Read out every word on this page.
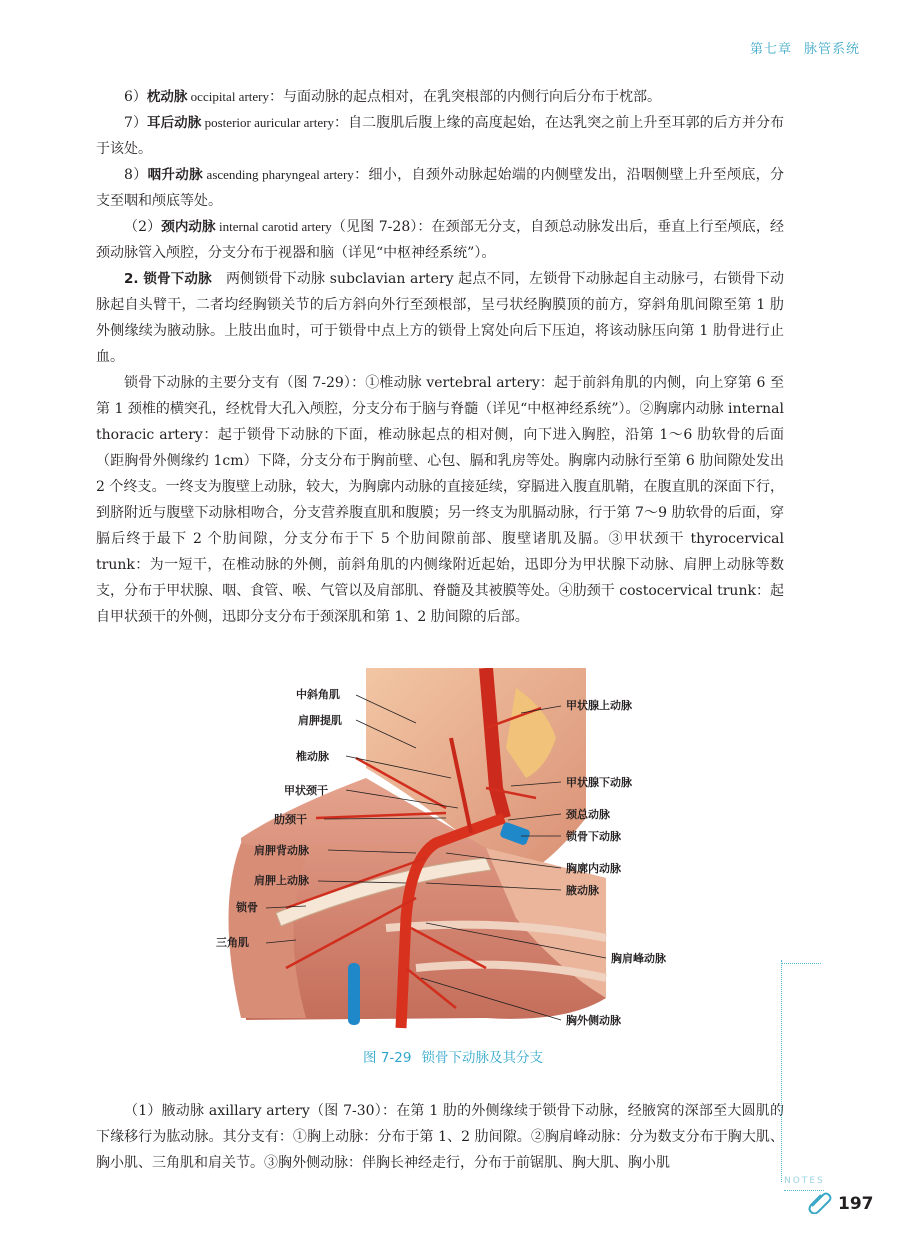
第七章 脉管系统

6）枕动脉 occipital artery：与面动脉的起点相对，在乳突根部的内侧行向后分布于枕部。

7）耳后动脉 posterior auricular artery：自二腹肌后腹上缘的高度起始，在达乳突之前上升至耳郭的后方并分布于该处。

8）咽升动脉 ascending pharyngeal artery：细小，自颈外动脉起始端的内侧壁发出，沿咽侧壁上升至颅底，分支至咽和颅底等处。

（2）颈内动脉 internal carotid artery（见图 7-28）：在颈部无分支，自颈总动脉发出后，垂直上行至颅底，经颈动脉管入颅腔，分支分布于视器和脑（详见“中枢神经系统”）。

2. 锁骨下动脉　两侧锁骨下动脉 subclavian artery 起点不同，左锁骨下动脉起自主动脉弓，右锁骨下动脉起自头臂干，二者均经胸锁关节的后方斜向外行至颈根部，呈弓状经胸膜顶的前方，穿斜角肌间隙至第 1 肋外侧缘续为腋动脉。上肢出血时，可于锁骨中点上方的锁骨上窝处向后下压迫，将该动脉压向第 1 肋骨进行止血。

锁骨下动脉的主要分支有（图 7-29）：①椎动脉 vertebral artery：起于前斜角肌的内侧，向上穿第 6 至第 1 颈椎的横突孔，经枕骨大孔入颅腔，分支分布于脑与脊髓（详见“中枢神经系统”）。②胸廓内动脉 internal thoracic artery：起于锁骨下动脉的下面，椎动脉起点的相对侧，向下进入胸腔，沿第 1～6 肋软骨的后面（距胸骨外侧缘约 1cm）下降，分支分布于胸前壁、心包、膈和乳房等处。胸廓内动脉行至第 6 肋间隙处发出 2 个终支。一终支为腹壁上动脉，较大，为胸廓内动脉的直接延续，穿膈进入腹直肌鞘，在腹直肌的深面下行，到脐附近与腹壁下动脉相吻合，分支营养腹直肌和腹膜；另一终支为肌膈动脉，行于第 7～9 肋软骨的后面，穿膈后终于最下 2 个肋间隙，分支分布于下 5 个肋间隙前部、腹壁诸肌及膈。③甲状颈干 thyrocervical trunk：为一短干，在椎动脉的外侧，前斜角肌的内侧缘附近起始，迅即分为甲状腺下动脉、肩胛上动脉等数支，分布于甲状腺、咽、食管、喉、气管以及肩部肌、脊髓及其被膜等处。④肋颈干 costocervical trunk：起自甲状颈干的外侧，迅即分支分布于颈深肌和第 1、2 肋间隙的后部。

中斜角肌
肩胛提肌
椎动脉
甲状颈干
肋颈干
肩胛背动脉
肩胛上动脉
锁骨
三角肌
甲状腺上动脉
甲状腺下动脉
颈总动脉
锁骨下动脉
胸廓内动脉
腋动脉
胸肩峰动脉
胸外侧动脉
图 7-29 锁骨下动脉及其分支

（1）腋动脉 axillary artery（图 7-30）：在第 1 肋的外侧缘续于锁骨下动脉，经腋窝的深部至大圆肌的下缘移行为肱动脉。其分支有：①胸上动脉：分布于第 1、2 肋间隙。②胸肩峰动脉：分为数支分布于胸大肌、胸小肌、三角肌和肩关节。③胸外侧动脉：伴胸长神经走行，分布于前锯肌、胸大肌、胸小肌

NOTES
197
